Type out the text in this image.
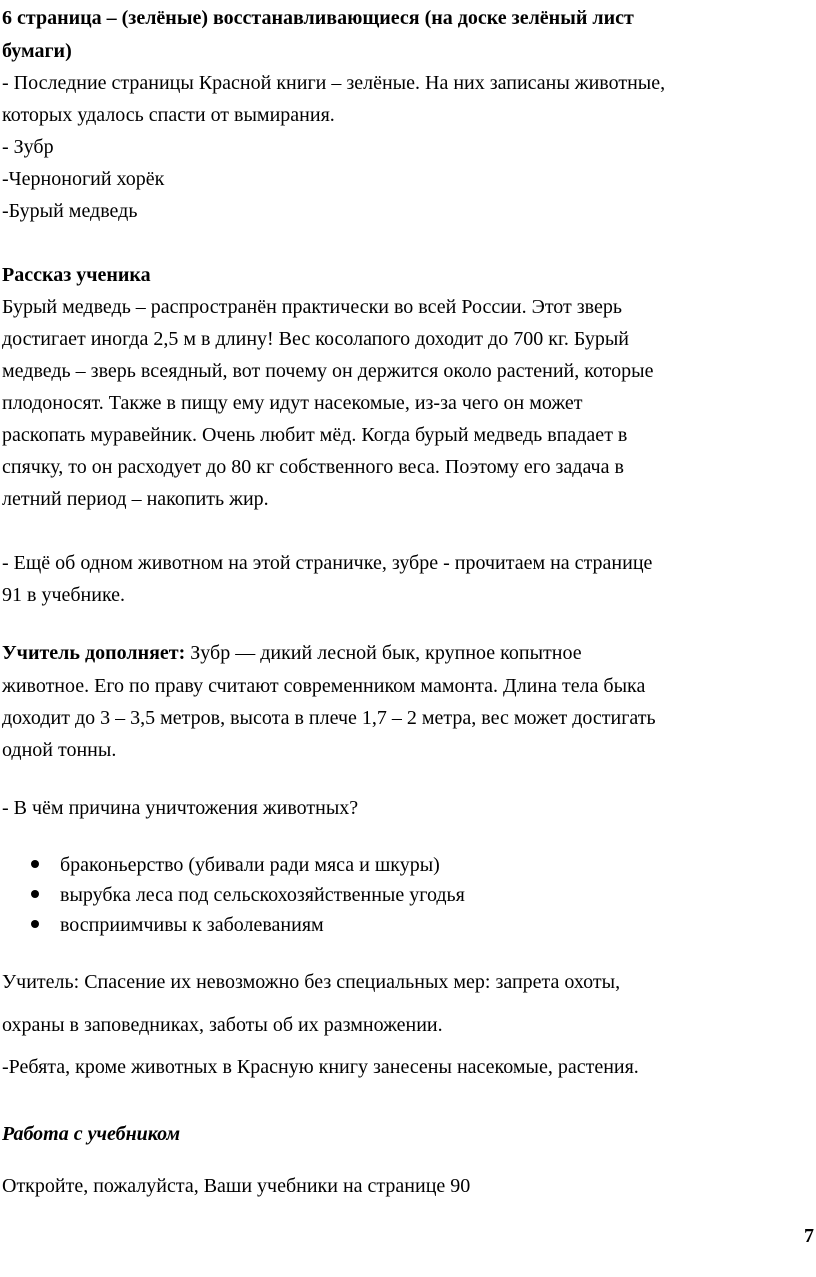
6 страница – (зелёные) восстанавливающиеся (на доске зелёный лист
бумаги)
- Последние страницы Красной книги – зелёные. На них записаны животные,
которых удалось спасти от вымирания.
- Зубр
-Черноногий хорёк
-Бурый медведь
Рассказ ученика
Бурый медведь – распространён практически во всей России. Этот зверь
достигает иногда 2,5 м в длину! Вес косолапого доходит до 700 кг. Бурый
медведь – зверь всеядный, вот почему он держится около растений, которые
плодоносят. Также в пищу ему идут насекомые, из-за чего он может
раскопать муравейник. Очень любит мёд. Когда бурый медведь впадает в
спячку, то он расходует до 80 кг собственного веса. Поэтому его задача в
летний период – накопить жир.
- Ещё об одном животном на этой страничке, зубре - прочитаем на странице
91 в учебнике.
Учитель дополняет: Зубр — дикий лесной бык, крупное копытное
животное. Его по праву считают современником мамонта. Длина тела быка
доходит до 3 – 3,5 метров, высота в плече 1,7 – 2 метра, вес может достигать
одной тонны.
- В чём причина уничтожения животных?
браконьерство (убивали ради мяса и шкуры)
вырубка леса под сельскохозяйственные угодья
восприимчивы к заболеваниям
Учитель: Спасение их невозможно без специальных мер: запрета охоты,
охраны в заповедниках, заботы об их размножении.
-Ребята, кроме животных в Красную книгу занесены насекомые, растения.
Работа с учебником
Откройте, пожалуйста, Ваши учебники на странице 90
7
